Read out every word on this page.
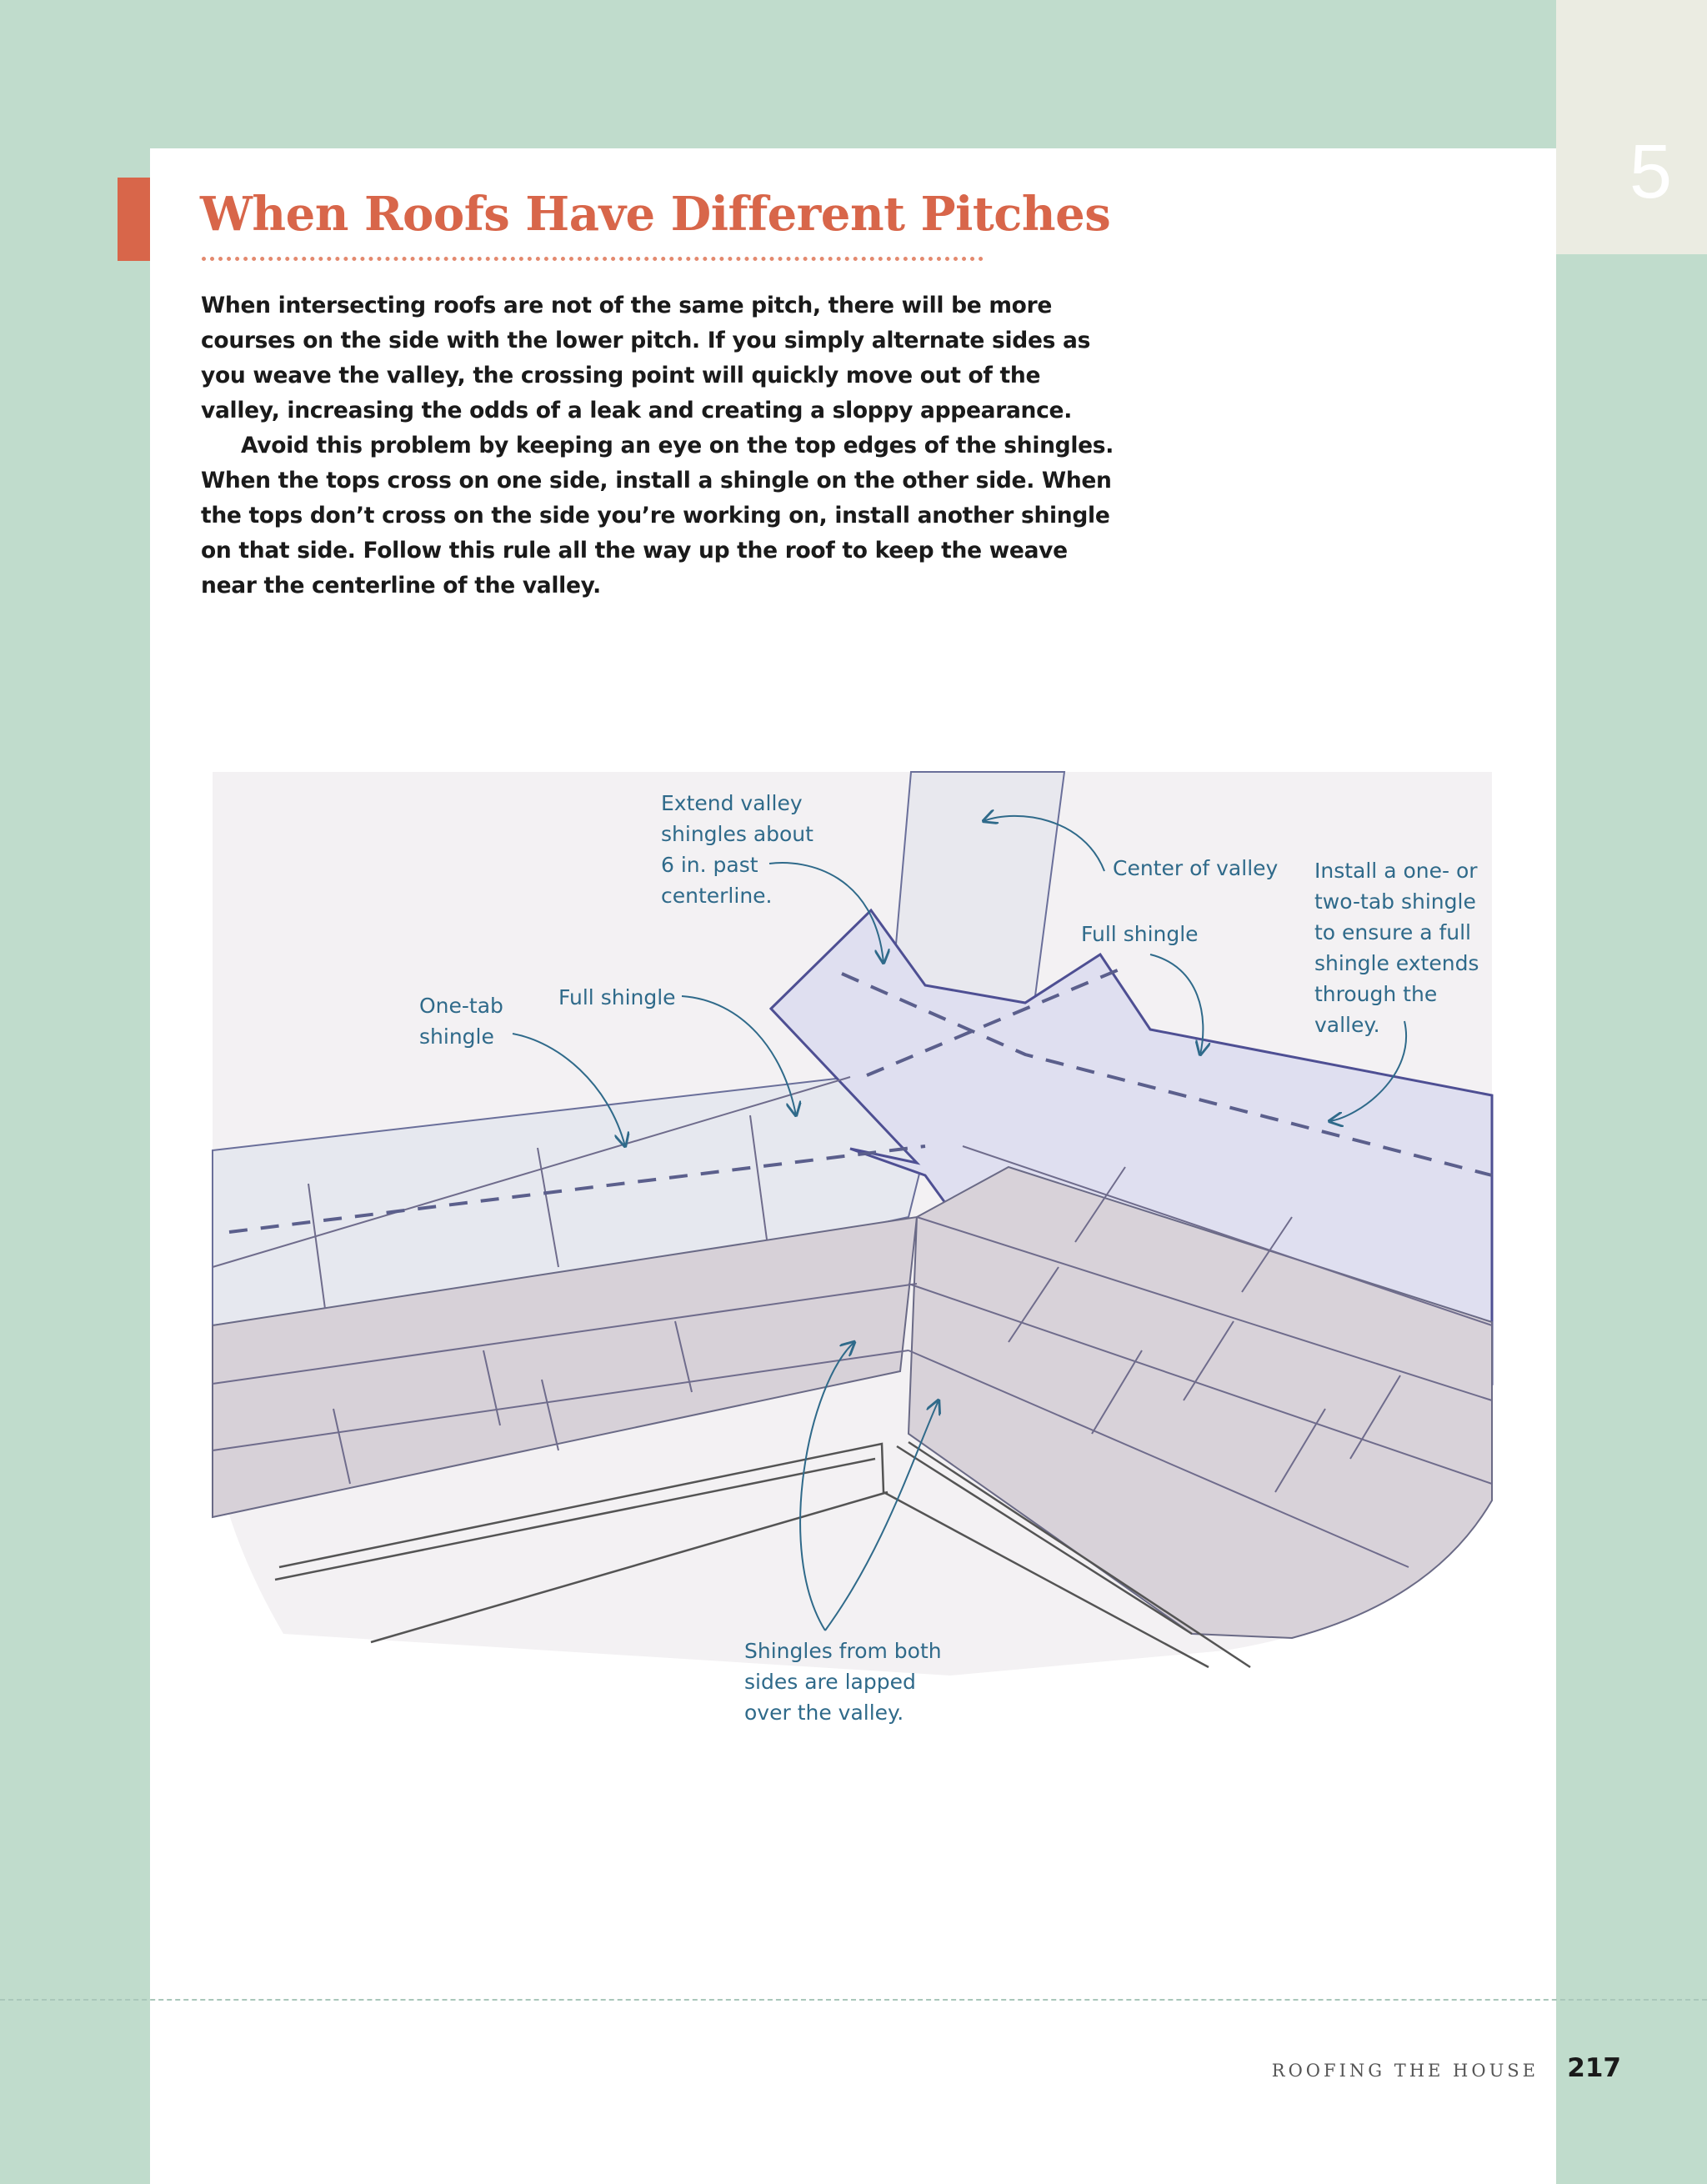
5
When Roofs Have Different Pitches

When intersecting roofs are not of the same pitch, there will be more courses on the side with the lower pitch. If you simply alternate sides as you weave the valley, the crossing point will quickly move out of the valley, increasing the odds of a leak and creating a sloppy appearance.

Avoid this problem by keeping an eye on the top edges of the shingles. When the tops cross on one side, install a shingle on the other side. When the tops don’t cross on the side you’re working on, install another shingle on that side. Follow this rule all the way up the roof to keep the weave near the centerline of the valley.

Extend valley
shingles about
6 in. past
centerline.
Center of valley Install a one- or
two-tab shingle
to ensure a full
shingle extends
through the
valley.
Full shingle
Full shingle
One-tab
shingle
Shingles from both
sides are lapped
over the valley.
ROOFING THE HOUSE 217
